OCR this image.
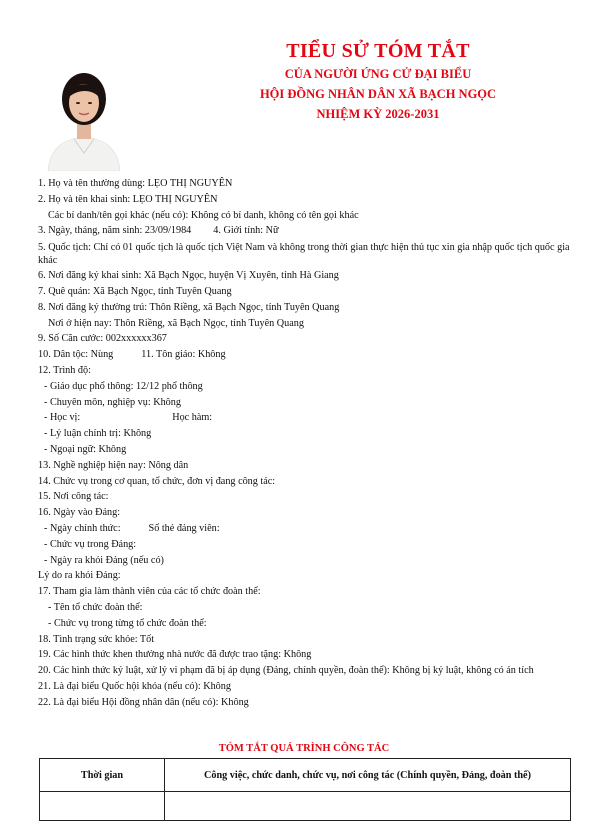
TIỂU SỬ TÓM TẮT

CỦA NGƯỜI ỨNG CỬ ĐẠI BIỂU

HỘI ĐỒNG NHÂN DÂN XÃ BẠCH NGỌC

NHIỆM KỲ 2026-2031

1. Họ và tên thường dùng: LẸO THỊ NGUYÊN
2. Họ và tên khai sinh: LẸO THỊ NGUYÊN
Các bí danh/tên gọi khác (nếu có): Không có bí danh, không có tên gọi khác
3. Ngày, tháng, năm sinh: 23/09/1984 4. Giới tính: Nữ
5. Quốc tịch: Chỉ có 01 quốc tịch là quốc tịch Việt Nam và không trong thời gian thực hiện thủ tục xin gia nhập quốc tịch quốc gia khác
6. Nơi đăng ký khai sinh: Xã Bạch Ngọc, huyện Vị Xuyên, tỉnh Hà Giang
7. Quê quán: Xã Bạch Ngọc, tỉnh Tuyên Quang
8. Nơi đăng ký thường trú: Thôn Riềng, xã Bạch Ngọc, tỉnh Tuyên Quang
Nơi ở hiện nay: Thôn Riềng, xã Bạch Ngọc, tỉnh Tuyên Quang
9. Số Căn cước: 002xxxxxx367
10. Dân tộc: Nùng	11. Tôn giáo: Không
12. Trình độ:
- Giáo dục phổ thông: 12/12 phổ thông
- Chuyên môn, nghiệp vụ: Không
- Học vị:	Học hàm:
- Lý luận chính trị: Không
- Ngoại ngữ: Không
13. Nghề nghiệp hiện nay: Nông dân
14. Chức vụ trong cơ quan, tổ chức, đơn vị đang công tác:
15. Nơi công tác:
16. Ngày vào Đảng:
- Ngày chính thức:	Số thẻ đảng viên:
- Chức vụ trong Đảng:
- Ngày ra khỏi Đảng (nếu có)
Lý do ra khỏi Đảng:
17. Tham gia làm thành viên của các tổ chức đoàn thể:
- Tên tổ chức đoàn thể:
- Chức vụ trong từng tổ chức đoàn thể:
18. Tình trạng sức khỏe: Tốt
19. Các hình thức khen thưởng nhà nước đã được trao tặng: Không
20. Các hình thức kỷ luật, xử lý vi phạm đã bị áp dụng (Đảng, chính quyền, đoàn thể): Không bị kỷ luật, không có án tích
21. Là đại biểu Quốc hội khóa (nếu có): Không
22. Là đại biểu Hội đồng nhân dân (nếu có): Không
TÓM TẮT QUÁ TRÌNH CÔNG TÁC
Thời gian	Công việc, chức danh, chức vụ, nơi công tác (Chính quyền, Đảng, đoàn thể)
